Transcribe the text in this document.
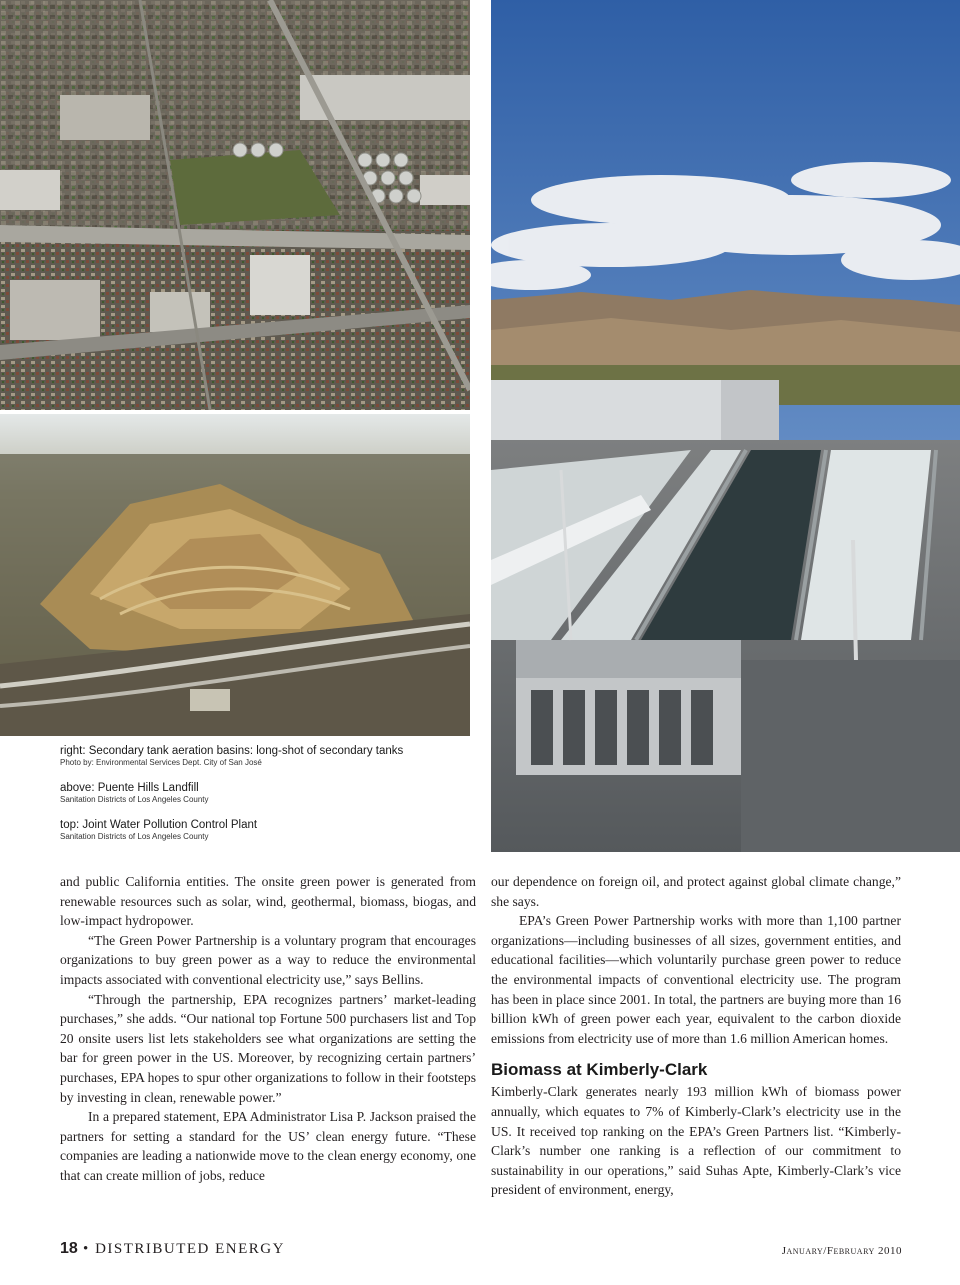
right: Secondary tank aeration basins: long-shot of secondary tanks
Photo by: Environmental Services Dept. City of San José
above: Puente Hills Landfill
Sanitation Districts of Los Angeles County
top: Joint Water Pollution Control Plant
Sanitation Districts of Los Angeles County

and public California entities. The onsite green power is generated from renewable resources such as solar, wind, geothermal, biomass, biogas, and low-impact hydropower.

“The Green Power Partnership is a voluntary program that encourages organizations to buy green power as a way to reduce the environmental impacts associated with conventional electricity use,” says Bellins.

“Through the partnership, EPA recognizes partners’ market-leading purchases,” she adds. “Our national top Fortune 500 purchasers list and Top 20 onsite users list lets stakeholders see what organizations are setting the bar for green power in the US. Moreover, by recognizing certain partners’ purchases, EPA hopes to spur other organizations to follow in their footsteps by investing in clean, renewable power.”

In a prepared statement, EPA Administrator Lisa P. Jackson praised the partners for setting a standard for the US’ clean energy future. “These companies are leading a nationwide move to the clean energy economy, one that can create million of jobs, reduce

our dependence on foreign oil, and protect against global climate change,” she says.

EPA’s Green Power Partnership works with more than 1,100 partner organizations—including businesses of all sizes, government entities, and educational facilities—which voluntarily purchase green power to reduce the environmental impacts of conventional electricity use. The program has been in place since 2001. In total, the partners are buying more than 16 billion kWh of green power each year, equivalent to the carbon dioxide emissions from electricity use of more than 1.6 million American homes.

Biomass at Kimberly-Clark

Kimberly-Clark generates nearly 193 million kWh of biomass power annually, which equates to 7% of Kimberly-Clark’s electricity use in the US. It received top ranking on the EPA’s Green Partners list. “Kimberly-Clark’s number one ranking is a reflection of our commitment to sustainability in our operations,” said Suhas Apte, Kimberly-Clark’s vice president of environment, energy,

18 • DISTRIBUTED ENERGY	January/February 2010
